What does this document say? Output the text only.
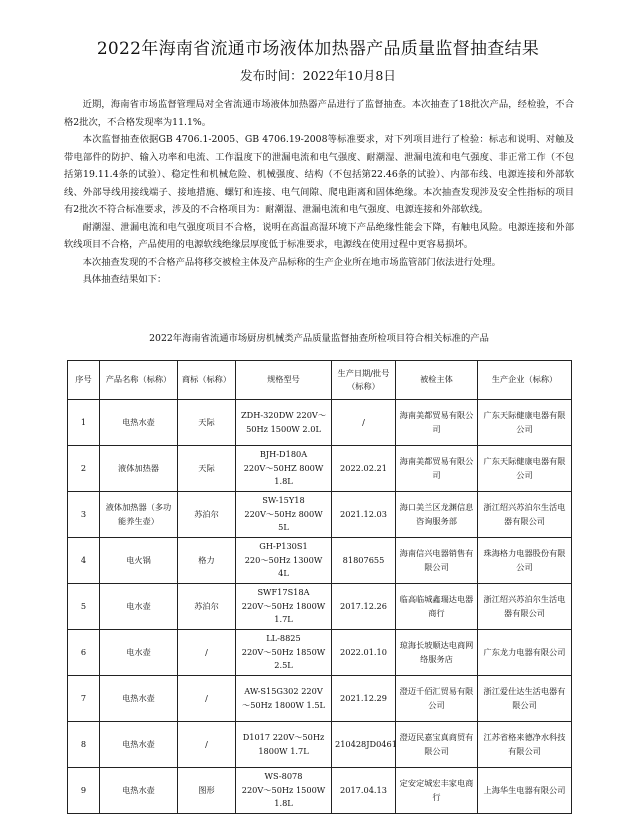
2022年海南省流通市场液体加热器产品质量监督抽查结果
发布时间：2022年10月8日

近期，海南省市场监督管理局对全省流通市场液体加热器产品进行了监督抽查。本次抽查了18批次产品，经检验，不合格2批次，不合格发现率为11.1%。

本次监督抽查依据GB 4706.1-2005、GB 4706.19-2008等标准要求，对下列项目进行了检验：标志和说明、对触及带电部件的防护、输入功率和电流、工作温度下的泄漏电流和电气强度、耐潮湿、泄漏电流和电气强度、非正常工作（不包括第19.11.4条的试验）、稳定性和机械危险、机械强度、结构（不包括第22.46条的试验）、内部布线、电源连接和外部软线、外部导线用接线端子、接地措施、螺钉和连接、电气间隙、爬电距离和固体绝缘。本次抽查发现涉及安全性指标的项目有2批次不符合标准要求，涉及的不合格项目为：耐潮湿、泄漏电流和电气强度、电源连接和外部软线。

耐潮湿、泄漏电流和电气强度项目不合格，说明在高温高湿环境下产品绝缘性能会下降，有触电风险。电源连接和外部软线项目不合格，产品使用的电源软线绝缘层厚度低于标准要求，电源线在使用过程中更容易损坏。

本次抽查发现的不合格产品将移交被检主体及产品标称的生产企业所在地市场监管部门依法进行处理。

具体抽查结果如下：

2022年海南省流通市场厨房机械类产品质量监督抽查所检项目符合相关标准的产品
序号	产品名称（标称）	商标（标称）	规格型号	生产日期/批号（标称）	被检主体	生产企业（标称）
1	电热水壶	天际	ZDH-320DW 220V～
50Hz 1500W 2.0L	/	海南美都贸易有限公司	广东天际健康电器有限公司
2	液体加热器	天际	BJH-D180A
220V～50HZ 800W
1.8L	2022.02.21	海南美都贸易有限公司	广东天际健康电器有限公司
3	液体加热器（多功能养生壶）	苏泊尔	SW-15Y18
220V～50Hz 800W 5L	2021.12.03	海口美兰区龙渊信息咨询服务部	浙江绍兴苏泊尔生活电器有限公司
4	电火锅	格力	GH-P130S1
220～50Hz 1300W 4L	81807655	海南信兴电器销售有限公司	珠海格力电器股份有限公司
5	电水壶	苏泊尔	SWF17S18A
220V～50Hz 1800W
1.7L	2017.12.26	临高临城鑫瑞达电器商行	浙江绍兴苏泊尔生活电器有限公司
6	电水壶	/	LL-8825
220V～50Hz 1850W
2.5L	2022.01.10	琼海长坡顺达电商网络服务店	广东龙力电器有限公司
7	电热水壶	/	AW-S15G302 220V
～50Hz 1800W 1.5L	2021.12.29	澄迈千佰汇贸易有限公司	浙江爱仕达生活电器有限公司
8	电热水壶	/	D1017 220V～50Hz
1800W 1.7L	210428JD0461	澄迈民嘉宝真商贸有限公司	江苏省格来德净水科技有限公司
9	电热水壶	图形	WS-8078
220V～50Hz 1500W
1.8L	2017.04.13	定安定城宏丰家电商行	上海华生电器有限公司
